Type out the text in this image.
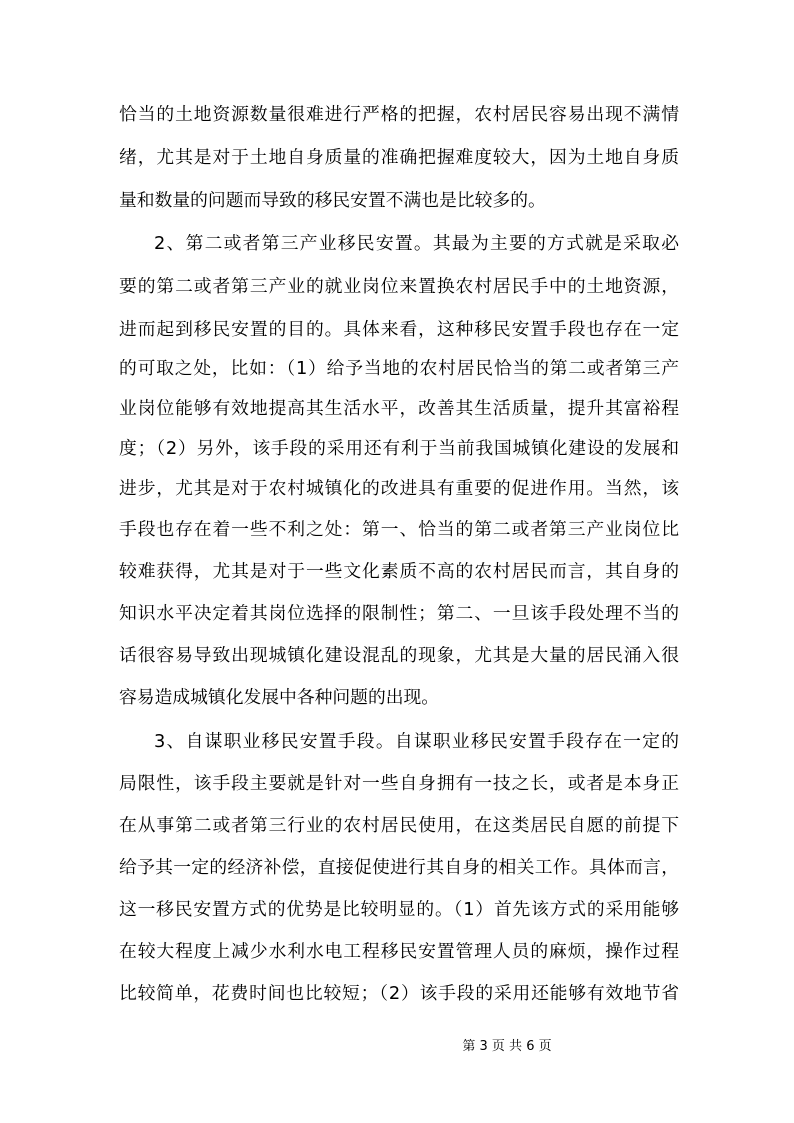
恰当的土地资源数量很难进行严格的把握，农村居民容易出现不满情
绪，尤其是对于土地自身质量的准确把握难度较大，因为土地自身质
量和数量的问题而导致的移民安置不满也是比较多的。
2、第二或者第三产业移民安置。其最为主要的方式就是采取必
要的第二或者第三产业的就业岗位来置换农村居民手中的土地资源，
进而起到移民安置的目的。具体来看，这种移民安置手段也存在一定
的可取之处，比如：（1）给予当地的农村居民恰当的第二或者第三产
业岗位能够有效地提高其生活水平，改善其生活质量，提升其富裕程
度；（2）另外，该手段的采用还有利于当前我国城镇化建设的发展和
进步，尤其是对于农村城镇化的改进具有重要的促进作用。当然，该
手段也存在着一些不利之处：第一、恰当的第二或者第三产业岗位比
较难获得，尤其是对于一些文化素质不高的农村居民而言，其自身的
知识水平决定着其岗位选择的限制性；第二、一旦该手段处理不当的
话很容易导致出现城镇化建设混乱的现象，尤其是大量的居民涌入很
容易造成城镇化发展中各种问题的出现。
3、自谋职业移民安置手段。自谋职业移民安置手段存在一定的
局限性，该手段主要就是针对一些自身拥有一技之长，或者是本身正
在从事第二或者第三行业的农村居民使用，在这类居民自愿的前提下
给予其一定的经济补偿，直接促使进行其自身的相关工作。具体而言，
这一移民安置方式的优势是比较明显的。（1）首先该方式的采用能够
在较大程度上减少水利水电工程移民安置管理人员的麻烦，操作过程
比较简单，花费时间也比较短；（2）该手段的采用还能够有效地节省
第 3 页 共 6 页
